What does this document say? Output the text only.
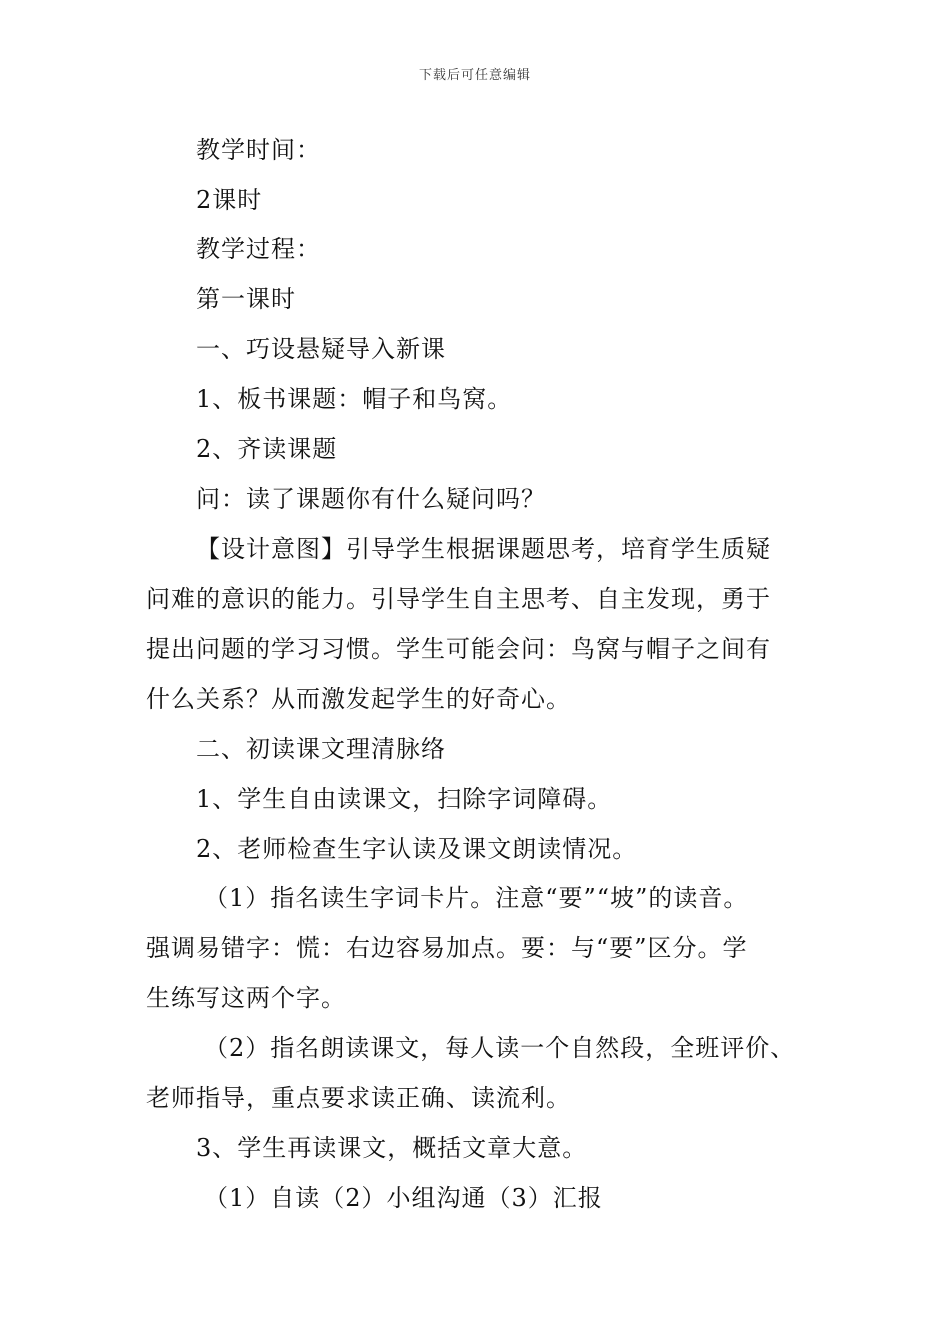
下载后可任意编辑
教学时间：
2课时
教学过程：
第一课时
一、巧设悬疑导入新课
1、板书课题：帽子和鸟窝。
2、齐读课题
问：读了课题你有什么疑问吗？
【设计意图】引导学生根据课题思考，培育学生质疑
问难的意识的能力。引导学生自主思考、自主发现，勇于
提出问题的学习习惯。学生可能会问：鸟窝与帽子之间有
什么关系？从而激发起学生的好奇心。
二、初读课文理清脉络
1、学生自由读课文，扫除字词障碍。
2、老师检查生字认读及课文朗读情况。
（1）指名读生字词卡片。注意“要”“坡”的读音。
强调易错字：慌：右边容易加点。要：与“要”区分。学
生练写这两个字。
（2）指名朗读课文，每人读一个自然段，全班评价、
老师指导，重点要求读正确、读流利。
3、学生再读课文，概括文章大意。
（1）自读（2）小组沟通（3）汇报
